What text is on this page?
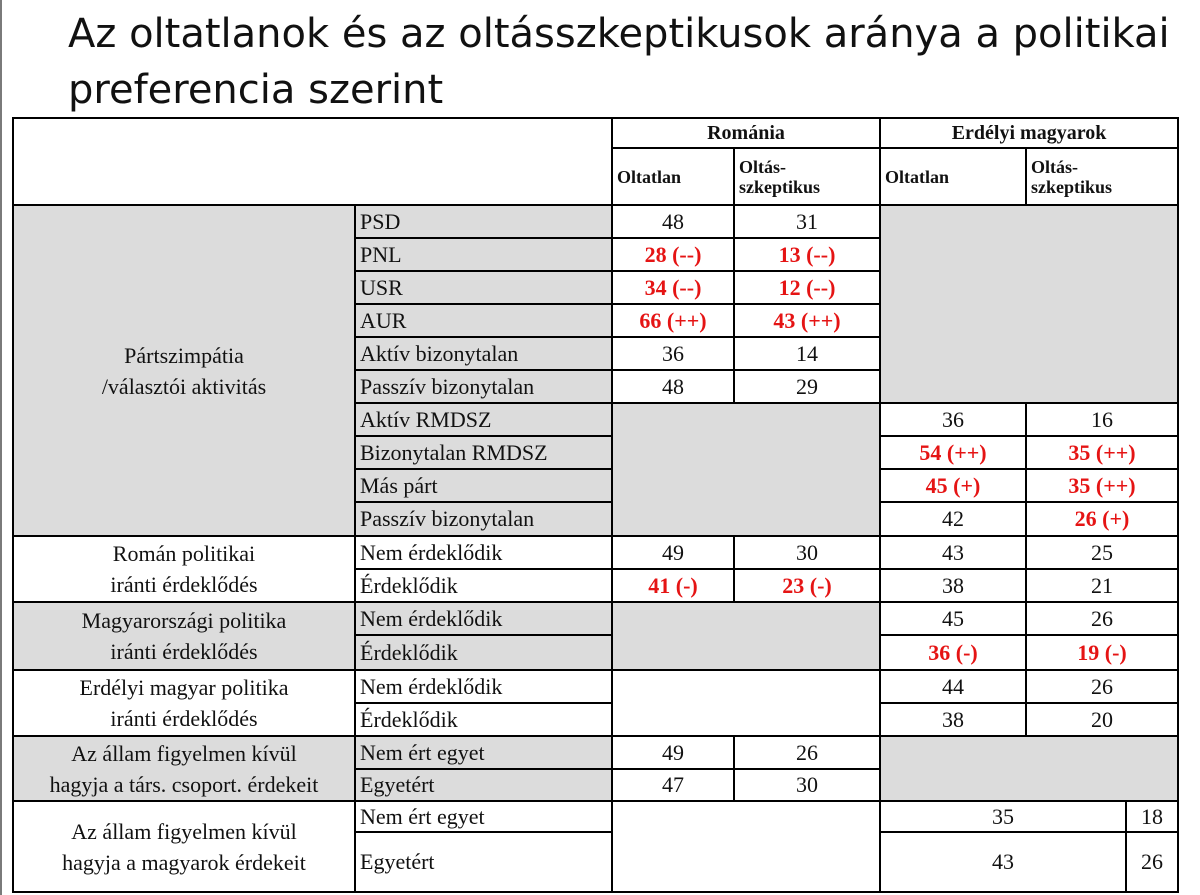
Az oltatlanok és az oltásszkeptikusok aránya a politikai preferencia szerint
		Románia		Erdélyi magyarok		
		Oltatlan	Oltás-
szkeptikus	Oltatlan	Oltás-
szkeptikus	
Pártszimpátia
/választói aktivitás	PSD	48	31			
	PNL	28 (--)	13 (--)			
	USR	34 (--)	12 (--)			
	AUR	66 (++)	43 (++)			
	Aktív bizonytalan	36	14			
	Passzív bizonytalan	48	29			
	Aktív RMDSZ			36	16	
	Bizonytalan RMDSZ			54 (++)	35 (++)	
	Más párt			45 (+)	35 (++)	
	Passzív bizonytalan			42	26 (+)	
Román politikai
iránti érdeklődés	Nem érdeklődik	49	30	43	25	
	Érdeklődik	41 (-)	23 (-)	38	21	
Magyarországi politika
iránti érdeklődés	Nem érdeklődik			45	26	
	Érdeklődik			36 (-)	19 (-)	
Erdélyi magyar politika
iránti érdeklődés	Nem érdeklődik			44	26	
	Érdeklődik			38	20	
Az állam figyelmen kívül
hagyja a társ. csoport. érdekeit	Nem ért egyet	49	26			
	Egyetért	47	30			
Az állam figyelmen kívül
hagyja a magyarok érdekeit	Nem ért egyet			35		18
	Egyetért			43		26
